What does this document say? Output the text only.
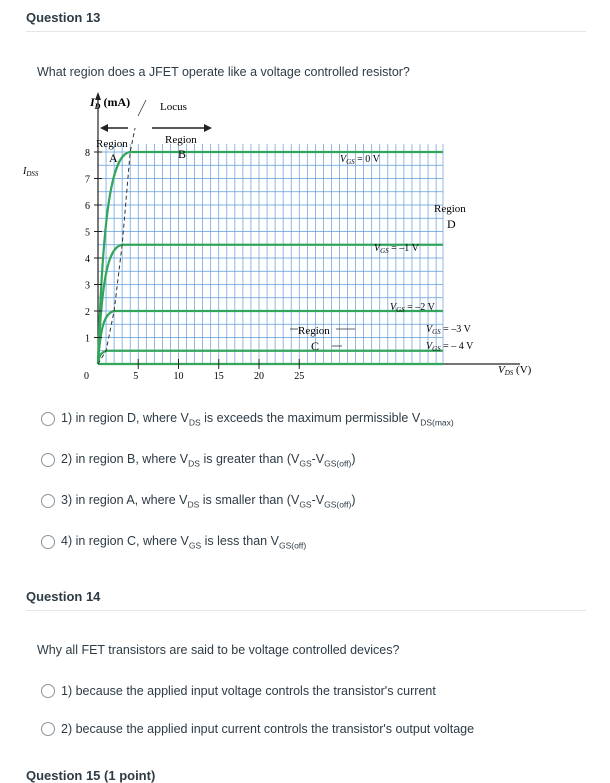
Question 13
What region does a JFET operate like a voltage controlled resistor?
8
7
6
5
4
3
2
1
0	5	10	15	20	25
$I_D$ (mA)
$I_{DSS}$
VDS (V)
Locus
Region
A
Region
B
Region
C
Region
D
$V_{GS} = 0$ V
$V_{GS} = -1$ V
$V_{GS} = -2$ V
$V_{GS} = -3$ V
$V_{GS}$ = – 4 V
1) in region D, where $V_{DS}$ is exceeds the maximum permissible $V_{DS(max)}$
2) in region B, where $V_{DS}$ is greater than $(V_{GS}-V_{GS(off)})$
3) in region A, where $V_{DS}$ is smaller than $(V_{GS}-V_{GS(off)})$
4) in region C, where $V_{GS}$ is less than $V_{GS(off)}$
Question 14
Why all FET transistors are said to be voltage controlled devices?
1) because the applied input voltage controls the transistor's current
2) because the applied input current controls the transistor's output voltage
Question 15 (1 point)
